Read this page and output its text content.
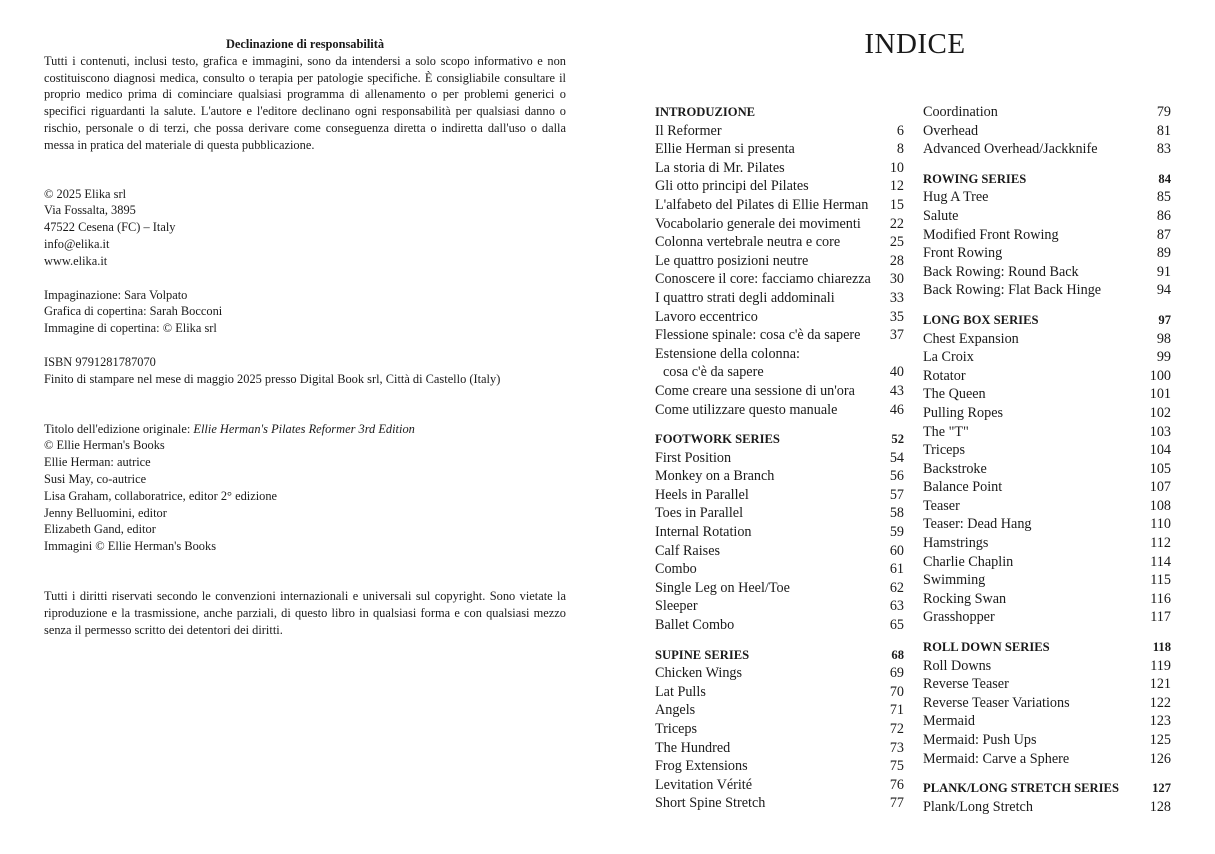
Declinazione di responsabilità

Tutti i contenuti, inclusi testo, grafica e immagini, sono da intendersi a solo scopo informativo e non costituiscono diagnosi medica, consulto o terapia per patologie specifiche. È consigliabile consultare il proprio medico prima di cominciare qualsiasi programma di allenamento o per problemi generici o specifici riguardanti la salute. L'autore e l'editore declinano ogni responsabilità per qualsiasi danno o rischio, personale o di terzi, che possa derivare come conseguenza diretta o indiretta dall'uso o dalla messa in pratica del materiale di questa pubblicazione.

© 2025 Elika srl
Via Fossalta, 3895
47522 Cesena (FC) – Italy
info@elika.it
www.elika.it
Impaginazione: Sara Volpato
Grafica di copertina: Sarah Bocconi
Immagine di copertina: © Elika srl
ISBN 9791281787070
Finito di stampare nel mese di maggio 2025 presso Digital Book srl, Città di Castello (Italy)
Titolo dell'edizione originale: Ellie Herman's Pilates Reformer 3rd Edition
© Ellie Herman's Books
Ellie Herman: autrice
Susi May, co-autrice
Lisa Graham, collaboratrice, editor 2° edizione
Jenny Belluomini, editor
Elizabeth Gand, editor
Immagini © Ellie Herman's Books

Tutti i diritti riservati secondo le convenzioni internazionali e universali sul copyright. Sono vietate la riproduzione e la trasmissione, anche parziali, di questo libro in qualsiasi forma e con qualsiasi mezzo senza il permesso scritto dei detentori dei diritti.

INDICE
INTRODUZIONE
Il Reformer	6
Ellie Herman si presenta	8
La storia di Mr. Pilates	10
Gli otto principi del Pilates	12
L'alfabeto del Pilates di Ellie Herman 15
Vocabolario generale dei movimenti 22
Colonna vertebrale neutra e core	25
Le quattro posizioni neutre	28
Conoscere il core: facciamo chiarezza 30
I quattro strati degli addominali	33
Lavoro eccentrico	35
Flessione spinale: cosa c'è da sapere 37
Estensione della colonna:
cosa c'è da sapere	40
Come creare una sessione di un'ora 43
Come utilizzare questo manuale	46
FOOTWORK SERIES	52
First Position	54
Monkey on a Branch	56
Heels in Parallel	57
Toes in Parallel	58
Internal Rotation	59
Calf Raises	60
Combo	61
Single Leg on Heel/Toe	62
Sleeper	63
Ballet Combo	65
SUPINE SERIES	68
Chicken Wings	69
Lat Pulls	70
Angels	71
Triceps	72
The Hundred	73
Frog Extensions	75
Levitation Vérité	76
Short Spine Stretch	77
Coordination	79
Overhead	81
Advanced Overhead/Jackknife	83
ROWING SERIES	84
Hug A Tree	85
Salute	86
Modified Front Rowing	87
Front Rowing	89
Back Rowing: Round Back	91
Back Rowing: Flat Back Hinge	94
LONG BOX SERIES	97
Chest Expansion	98
La Croix	99
Rotator	100
The Queen	101
Pulling Ropes	102
The "T"	103
Triceps	104
Backstroke	105
Balance Point	107
Teaser	108
Teaser: Dead Hang	110
Hamstrings	112
Charlie Chaplin	114
Swimming	115
Rocking Swan	116
Grasshopper	117
ROLL DOWN SERIES	118
Roll Downs	119
Reverse Teaser	121
Reverse Teaser Variations	122
Mermaid	123
Mermaid: Push Ups	125
Mermaid: Carve a Sphere	126
PLANK/LONG STRETCH SERIES	127
Plank/Long Stretch	128
